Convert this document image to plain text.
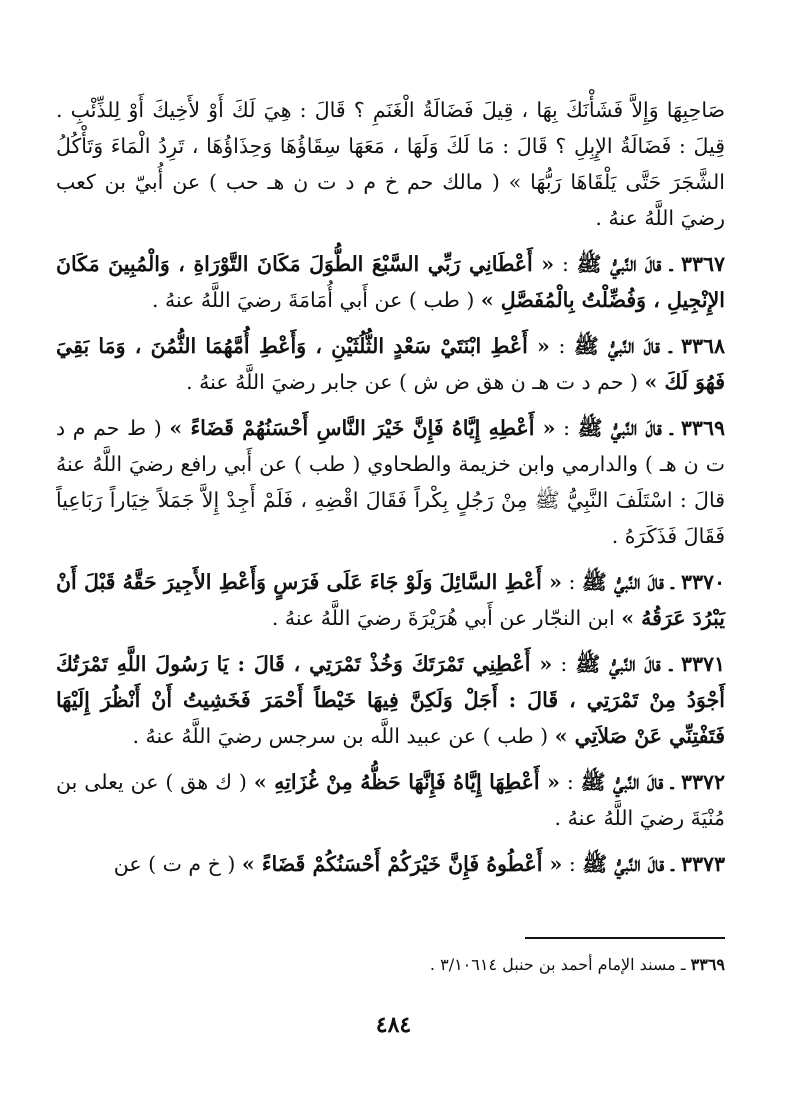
صَاحِبِهَا وَإِلاَّ فَشَأْنَكَ بِهَا ، قِيلَ فَضَالَةُ الْغَنَمِ ؟ قَالَ : هِيَ لَكَ أَوْ لأَخِيكَ أَوْ لِلذِّئْبِ . قِيلَ : فَضَالَةُ الإِبِلِ ؟ قَالَ : مَا لَكَ وَلَهَا ، مَعَهَا سِقَاؤُهَا وَحِذَاؤُهَا ، تَرِدُ الْمَاءَ وَتَأْكُلُ الشَّجَرَ حَتَّى يَلْقَاهَا رَبُّهَا » ( مالك حم خ م د ت ن هـ حب ) عن أُبيّ بن كعب رضيَ اللَّهُ عنهُ .

٣٣٦٧ ـ قالَ النَّبيُّ ﷺ : « أَعْطَانِي رَبِّي السَّبْعَ الطُّوَلَ مَكَانَ التَّوْرَاةِ ، وَالْمُبِينَ مَكَانَ الإِنْجِيلِ ، وَفُضِّلْتُ بِالْمُفَصَّلِ » ( طب ) عن أَبي أُمَامَةَ رضيَ اللَّهُ عنهُ .

٣٣٦٨ ـ قالَ النَّبيُّ ﷺ : « أَعْطِ ابْنَتَيْ سَعْدٍ الثُّلُثَيْنِ ، وَأَعْطِ أُمَّهُمَا الثُّمُنَ ، وَمَا بَقِيَ فَهُوَ لَكَ » ( حم د ت هـ ن هق ض ش ) عن جابر رضيَ اللَّهُ عنهُ .

٣٣٦٩ ـ قالَ النَّبيُّ ﷺ : « أَعْطِهِ إِيَّاهُ فَإِنَّ خَيْرَ النَّاسِ أَحْسَنُهُمْ قَضَاءً » ( ط حم م د ت ن هـ ) والدارمي وابن خزيمة والطحاوي ( طب ) عن أَبي رافع رضيَ اللَّهُ عنهُ قالَ : اسْتَلَفَ النَّبِيُّ ﷺ مِنْ رَجُلٍ بِكْراً فَقَالَ اقْضِهِ ، فَلَمْ أَجِدْ إِلاَّ جَمَلاً خِيَاراً رَبَاعِياً فَقَالَ فَذَكَرَهُ .

٣٣٧٠ ـ قالَ النَّبيُّ ﷺ : « أَعْطِ السَّائِلَ وَلَوْ جَاءَ عَلَى فَرَسٍ وَأَعْطِ الأَجِيرَ حَقَّهُ قَبْلَ أَنْ يَبْرُدَ عَرَقُهُ » ابن النجّار عن أَبي هُرَيْرَةَ رضيَ اللَّهُ عنهُ .

٣٣٧١ ـ قالَ النَّبيُّ ﷺ : « أَعْطِنِي تَمْرَتَكَ وَخُذْ تَمْرَتِي ، قَالَ : يَا رَسُولَ اللَّهِ تَمْرَتُكَ أَجْوَدُ مِنْ تَمْرَتِي ، قَالَ : أَجَلْ وَلَكِنَّ فِيهَا خَيْطاً أَحْمَرَ فَخَشِيتُ أَنْ أَنْظُرَ إِلَيْهَا فَتَفْتِنِّي عَنْ صَلاَتِي » ( طب ) عن عبيد اللَّه بن سرجس رضيَ اللَّهُ عنهُ .

٣٣٧٢ ـ قالَ النَّبيُّ ﷺ : « أَعْطِهَا إِيَّاهُ فَإِنَّهَا حَظُّهُ مِنْ غُزَاتِهِ » ( ك هق ) عن يعلى بن مُنْيَةَ رضيَ اللَّهُ عنهُ .

٣٣٧٣ ـ قالَ النَّبيُّ ﷺ : « أَعْطُوهُ فَإِنَّ خَيْرَكُمْ أَحْسَنُكُمْ قَضَاءً » ( خ م ت ) عن

٣٣٦٩ ـ مسند الإمام أحمد بن حنبل ٣/١٠٦١٤ .
٤٨٤
